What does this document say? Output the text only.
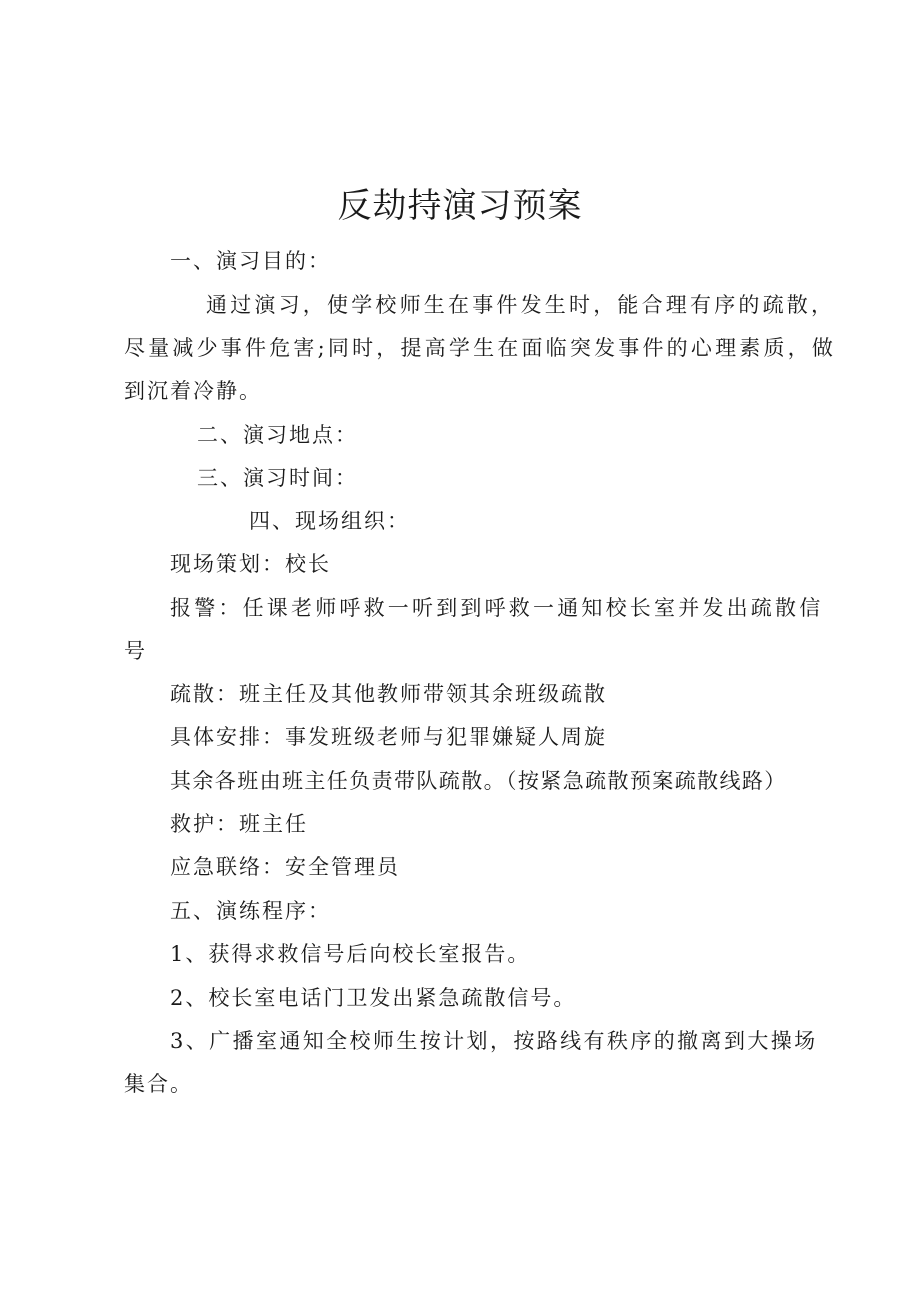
反劫持演习预案

一、演习目的：

通过演习，使学校师生在事件发生时，能合理有序的疏散，

尽量减少事件危害;同时，提高学生在面临突发事件的心理素质，做

到沉着冷静。

二、演习地点：

三、演习时间：

四、现场组织：

现场策划：校长

报警：任课老师呼救一听到到呼救一通知校长室并发出疏散信

号

疏散：班主任及其他教师带领其余班级疏散

具体安排：事发班级老师与犯罪嫌疑人周旋

其余各班由班主任负责带队疏散。（按紧急疏散预案疏散线路）

救护：班主任

应急联络：安全管理员

五、演练程序：

1、获得求救信号后向校长室报告。

2、校长室电话门卫发出紧急疏散信号。

3、广播室通知全校师生按计划，按路线有秩序的撤离到大操场

集合。
